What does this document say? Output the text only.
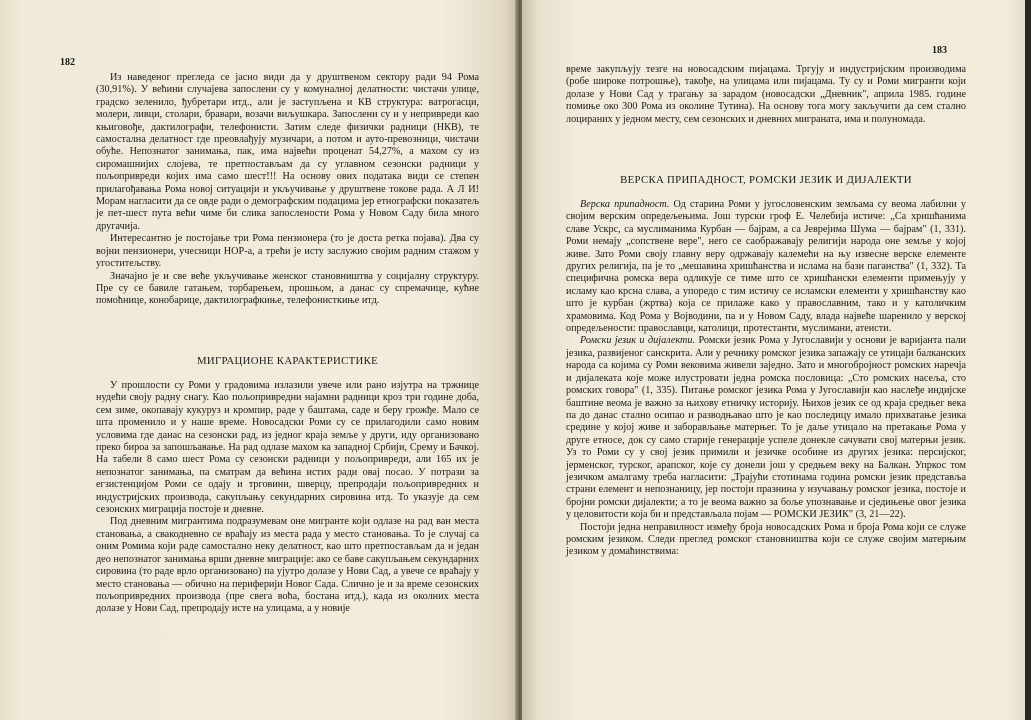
182

Из наведеног прегледа се јасно види да у друштвеном сектору ради 94 Рома (30,91%). У већини случајева запослени су у комуналној делатности: чистачи улице, градско зеленило, ђубретари итд., али је заступљена и КВ структура: ватрогасци, молери, ливци, столари, бравари, возачи виљушкара. Запослени су и у неприврeди као књиговође, дактилографи, телефонисти. Затим следе физички радници (НКВ), те самостална делатност где преовлађују музичари, а потом и ауто-превозници, чистачи обуће. Непознатог занимања, пак, има највећи проценат 54,27%, а махом су из сиромашнијих слојева, те претпостављам да су углавном сезонски радници у пољопривреди којих има само шест!!! На основу ових података види се степен прилагођавања Рома новој ситуацији и укључивање у друштвене токове рада. А Л И! Морам нагласити да се овде ради о демографским подацима јер етнографски показатељ је пет-шест пута већи чиме би слика запослености Рома у Новом Саду била много другачија.

Интересантно је постојање три Рома пензионера (то је доста ретка појава). Два су војни пензионери, учесници НОР-а, а трећи је исту заслужио својим радним стажом у угоститељству.

Значајно је и све веће укључивање женског становништва у социјалну структуру. Пре су се бавиле гатањем, торбарењем, прошњом, а данас су спремачице, кућне помоћнице, конобарице, дактилографкиње, телефонисткиње итд.

МИГРАЦИОНЕ КАРАКТЕРИСТИКЕ

У прошлости су Роми у градовима излазили увече или рано изјутра на тржнице нудећи своју радну снагу. Као пољопривредни најамни радници кроз три године доба, сем зиме, окопавају кукуруз и кромпир, раде у баштама, саде и беру грожђе. Мало се шта променило и у наше време. Новосадски Роми су се прилагодили само новим условима где данас на сезонски рад, из једног краја земље у други, иду организовано преко бироа за запошљавање. На рад одлазе махом ка западној Србији, Срему и Бачкој. На табели 8 само шест Рома су сезонски радници у пољопривреди, али 165 их је непознатог занимања, па сматрам да већина истих ради овај посао. У потрази за егзистенцијом Роми се одају и трговини, шверцу, препродаји пољопривредних и индустријских производа, сакупљању секундарних сировина итд. То указује да сем сезонских миграција постоје и дневне.

Под дневним мигрантима подразумевам оне мигранте који одлазе на рад ван места становања, а свакодневно се враћају из места рада у место становања. То је случај са оним Ромима који раде самостално неку делатност, као што претпостављам да и један део непознатог занимања врши дневне миграције: ако се баве сакупљањем секундарних сировина (то раде врло организовано) па ујутро долазе у Нови Сад, а увече се враћају у место становања — обично на периферији Новог Сада. Слично је и за време сезонских пољопривредних производа (пре свега воћа, бостана итд.), када из околних места долазе у Нови Сад, препродају исте на улицама, а у новије

183

време закупљују тезге на новосадским пијацама. Тргују и индустријским производима (робе широке потрошње), такође, на улицама или пијацама. Ту су и Роми мигранти који долазе у Нови Сад у трагању за зарадом (новосадски „Дневник", априла 1985. године помиње око 300 Рома из околине Тутина). На основу тога могу закључити да сем стално лоцираних у једном месту, сем сезонских и дневних миграната, има и полуномада.

ВЕРСКА ПРИПАДНОСТ, РОМСКИ ЈЕЗИК И ДИЈАЛЕКТИ

Верска припадност. Од старина Роми у југословенским земљама су веома лабилни у својим верским опредељењима. Још турски гроф Е. Челебија истиче: „Са хришћанима славе Ускрс, са муслиманима Курбан — бајрам, а са Јеврејима Шума — бајрам" (1, 331). Роми немају „сопствене вере", него се саображавају религији народа оне земље у којој живе. Зато Роми своју главну веру одржавају калемећи на њу извесне верске елементе других религија, па је то „мешавина хришћанства и ислама на бази паганства" (1, 332). Та специфична ромска вера одликује се тиме што се хришћански елементи примењују у исламу као крсна слава, а упоредо с тим истичу се исламски елементи у хришћанству као што је курбан (жртва) која се прилаже како у православним, тако и у католичким храмовима. Код Рома у Војводини, па и у Новом Саду, влада највеће шаренило у верској опредељености: православци, католици, протестанти, муслимани, атеисти.

Ромски језик и дијалекти. Ромски језик Рома у Југославији у основи је варијанта пали језика, развијеног санскрита. Али у речнику ромског језика запажају се утицаји балканских народа са којима су Роми вековима живели заједно. Зато и многобројност ромских наречја и дијалеката које може илустровати једна ромска пословица: „Сто ромских насеља, сто ромских говора" (1, 335). Питање ромског језика Рома у Југославији као наслеђе индијске баштине веома је важно за њихову етничку историју. Њихов језик се од краја средњег века па до данас стално осипао и разводњавао што је као последицу имало прихватање језика средине у којој живе и заборављање матерњег. То је даље утицало на претакање Рома у друге етносе, док су само старије генерације успеле донекле сачувати свој матерњи језик. Уз то Роми су у свој језик примили и језичке особине из других језика: персијског, јерменског, турског, арапског, које су донели још у средњем веку на Балкан. Упркос том језичком амалгаму треба нагласити: „Трајући стотинама година ромски језик представља страни елемент и непознаницу, јер постоји празнина у изучавању ромског језика, постоје и бројни ромски дијалекти; а то је веома важно за боље упознавање и сједињење овог језика у целовитости која би и представљала појам — РОМСКИ ЈЕЗИК" (3, 21—22).

Постоји једна неправилност између броја новосадских Рома и броја Рома који се служе ромским језиком. Следи преглед ромског становништва који се служе својим матерњим језиком у домаћинствима:
